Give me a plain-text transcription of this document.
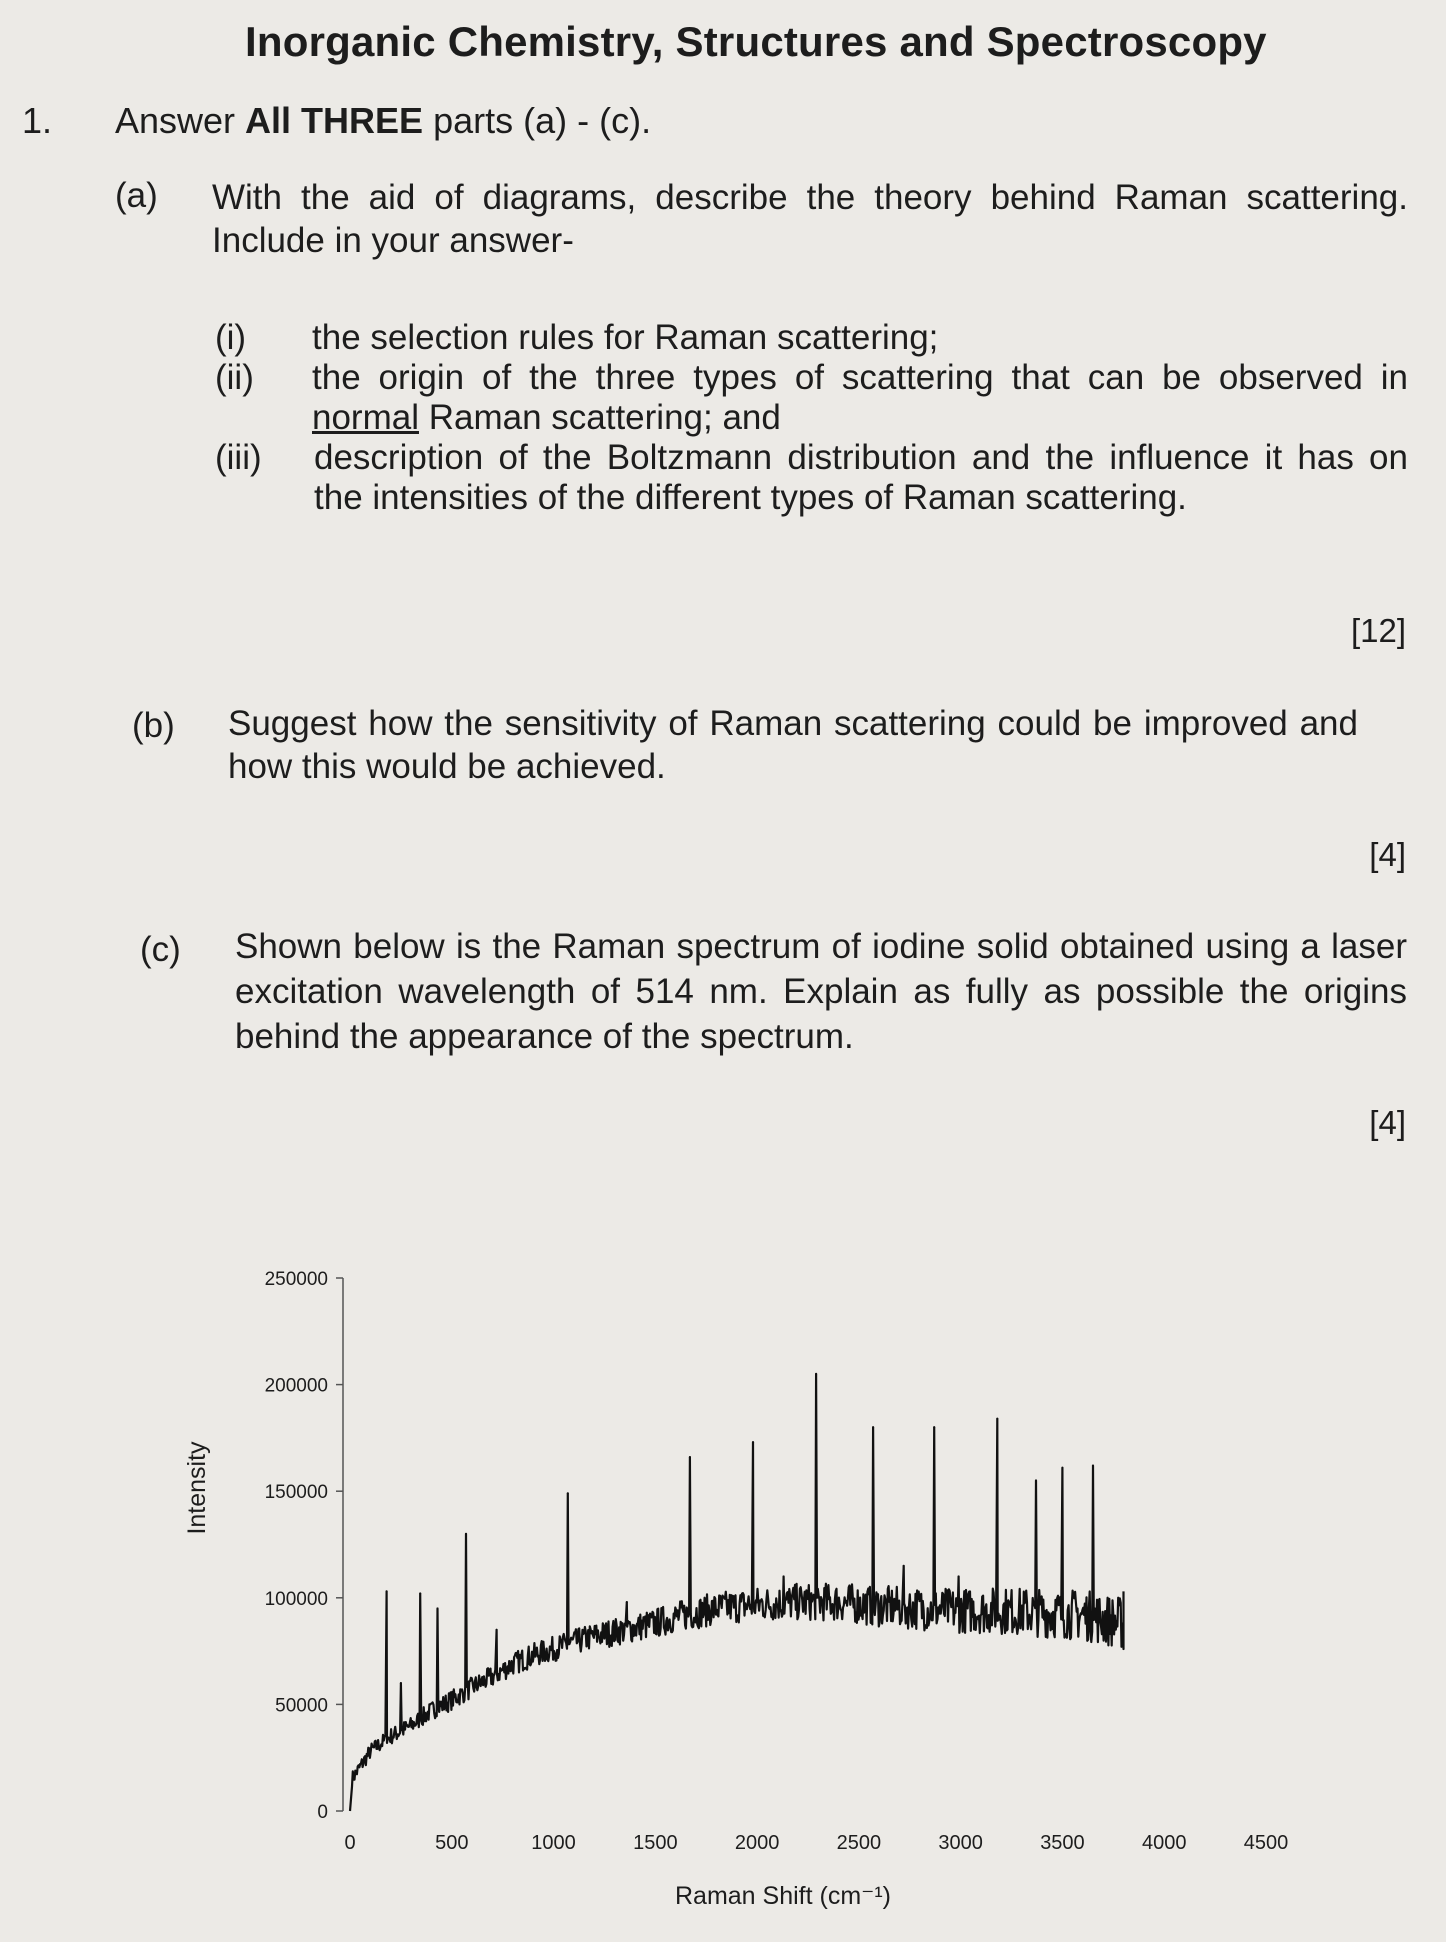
Inorganic Chemistry, Structures and Spectroscopy
1. Answer All THREE parts (a) - (c).
(a) With the aid of diagrams, describe the theory behind Raman scattering. Include in your answer-
(i) the selection rules for Raman scattering;
(ii) the origin of the three types of scattering that can be observed in normal Raman scattering; and
(iii) description of the Boltzmann distribution and the influence it has on the intensities of the different types of Raman scattering.
[12]
(b) Suggest how the sensitivity of Raman scattering could be improved and how this would be achieved.
[4]
(c) Shown below is the Raman spectrum of iodine solid obtained using a laser excitation wavelength of 514 nm. Explain as fully as possible the origins behind the appearance of the spectrum.
[4]
0
50000
100000
150000
200000
250000
0	500	1000	1500	2000	2500	3000	3500	4000	4500
Raman Shift (cm⁻¹)
Intensity
